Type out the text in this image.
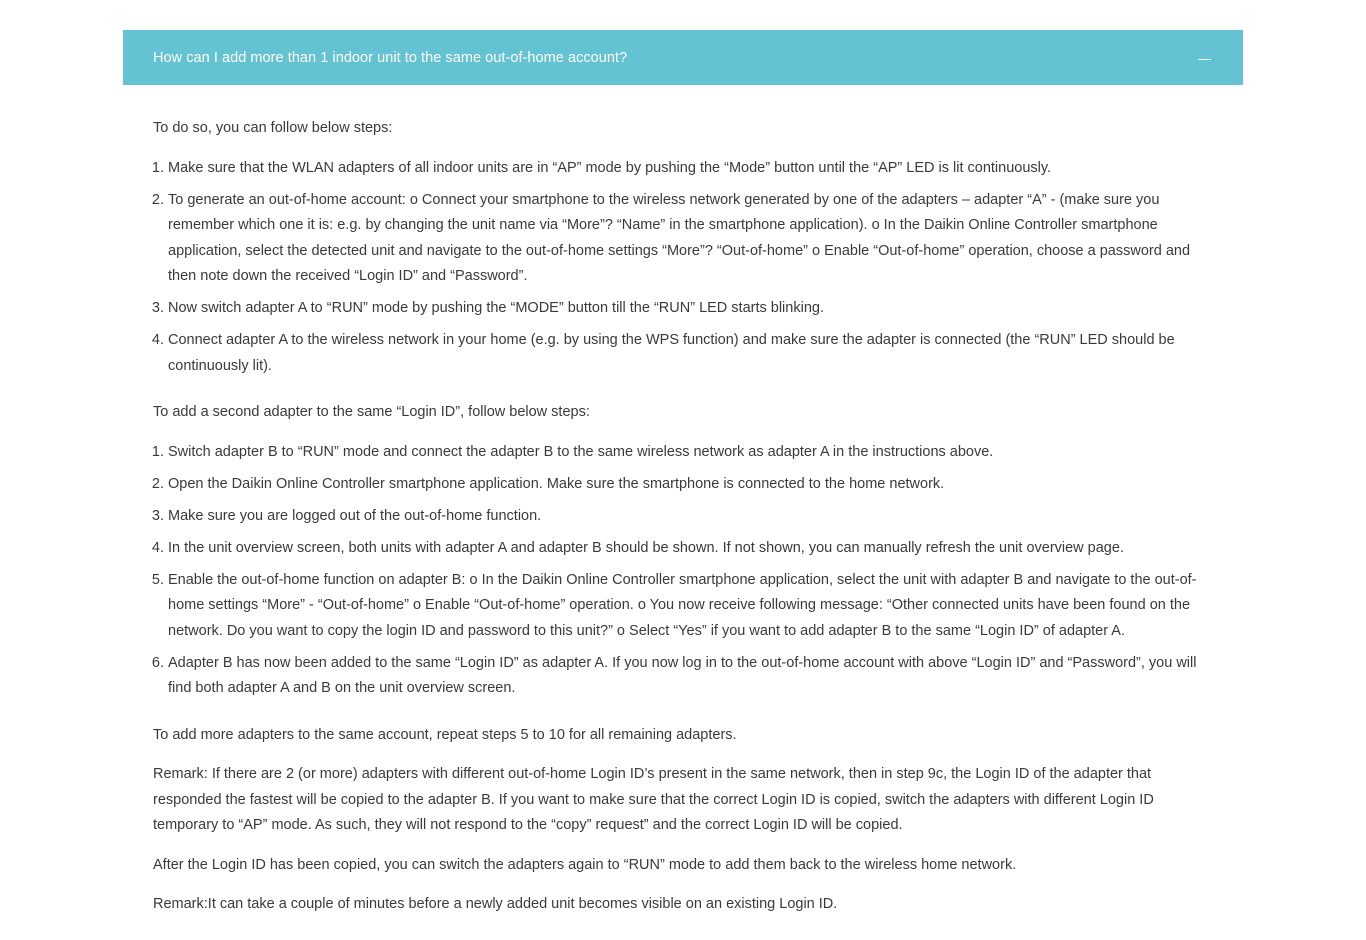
How can I add more than 1 indoor unit to the same out-of-home account?

To do so, you can follow below steps:

1. Make sure that the WLAN adapters of all indoor units are in “AP” mode by pushing the “Mode” button until the “AP” LED is lit continuously.
2. To generate an out-of-home account: o Connect your smartphone to the wireless network generated by one of the adapters – adapter “A” - (make sure you remember which one it is: e.g. by changing the unit name via “More”? “Name” in the smartphone application). o In the Daikin Online Controller smartphone application, select the detected unit and navigate to the out-of-home settings “More”? “Out-of-home” o Enable “Out-of-home” operation, choose a password and then note down the received “Login ID” and “Password”.
3. Now switch adapter A to “RUN” mode by pushing the “MODE” button till the “RUN” LED starts blinking.
4. Connect adapter A to the wireless network in your home (e.g. by using the WPS function) and make sure the adapter is connected (the “RUN” LED should be continuously lit).

To add a second adapter to the same “Login ID”, follow below steps:

1. Switch adapter B to “RUN” mode and connect the adapter B to the same wireless network as adapter A in the instructions above.
2. Open the Daikin Online Controller smartphone application. Make sure the smartphone is connected to the home network.
3. Make sure you are logged out of the out-of-home function.
4. In the unit overview screen, both units with adapter A and adapter B should be shown. If not shown, you can manually refresh the unit overview page.
5. Enable the out-of-home function on adapter B: o In the Daikin Online Controller smartphone application, select the unit with adapter B and navigate to the out-of-home settings “More” - “Out-of-home” o Enable “Out-of-home” operation. o You now receive following message: “Other connected units have been found on the network. Do you want to copy the login ID and password to this unit?” o Select “Yes” if you want to add adapter B to the same “Login ID” of adapter A.
6. Adapter B has now been added to the same “Login ID” as adapter A. If you now log in to the out-of-home account with above “Login ID” and “Password”, you will find both adapter A and B on the unit overview screen.

To add more adapters to the same account, repeat steps 5 to 10 for all remaining adapters.

Remark: If there are 2 (or more) adapters with different out-of-home Login ID’s present in the same network, then in step 9c, the Login ID of the adapter that responded the fastest will be copied to the adapter B. If you want to make sure that the correct Login ID is copied, switch the adapters with different Login ID temporary to “AP” mode. As such, they will not respond to the “copy” request” and the correct Login ID will be copied.

After the Login ID has been copied, you can switch the adapters again to “RUN” mode to add them back to the wireless home network.

Remark:It can take a couple of minutes before a newly added unit becomes visible on an existing Login ID.
